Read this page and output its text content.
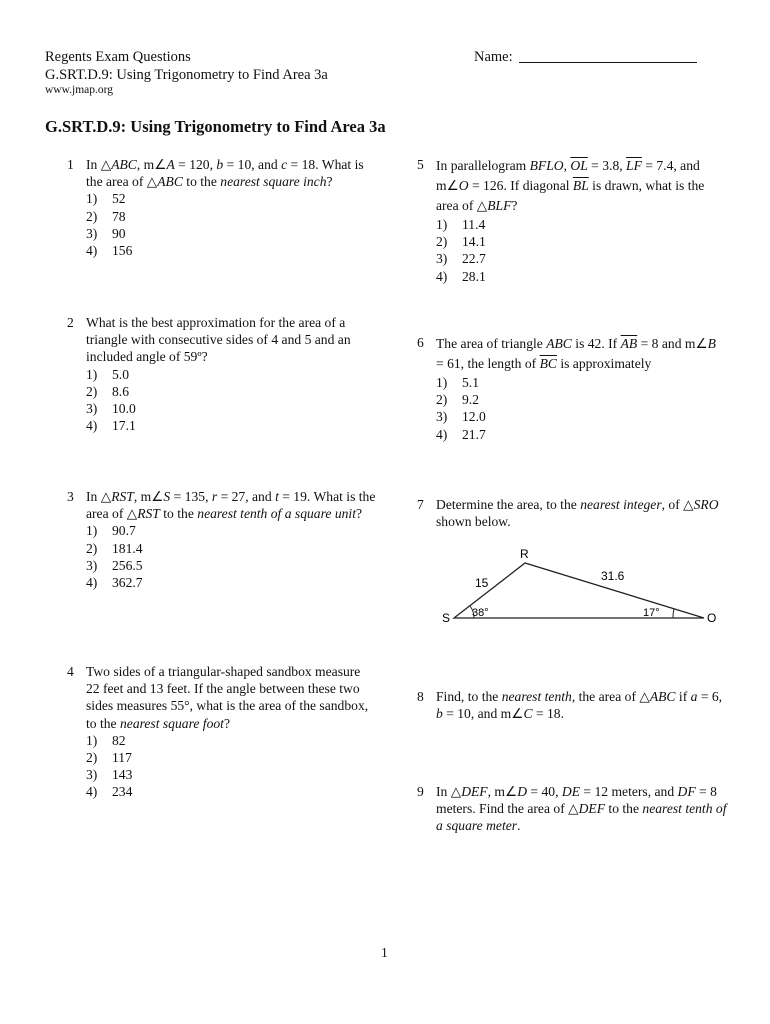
Regents Exam Questions
G.SRT.D.9: Using Trigonometry to Find Area 3a
www.jmap.org
Name:
G.SRT.D.9: Using Trigonometry to Find Area 3a
1 In △ABC, m∠A = 120, b = 10, and c = 18. What is the area of △ABC to the nearest square inch?
1)	52
2)	78
3)	90
4)	156
2 What is the best approximation for the area of a triangle with consecutive sides of 4 and 5 and an included angle of 59º?
1)	5.0
2)	8.6
3)	10.0
4)	17.1
3 In △RST, m∠S = 135, r = 27, and t = 19. What is the area of △RST to the nearest tenth of a square unit?
1)	90.7
2)	181.4
3)	256.5
4)	362.7
4 Two sides of a triangular-shaped sandbox measure 22 feet and 13 feet. If the angle between these two sides measures 55°, what is the area of the sandbox, to the nearest square foot?
1)	82
2)	117
3)	143
4)	234
5 In parallelogram BFLO, $\overline{OL} = 3.8$, $\overline{LF} = 7.4$, and m∠O = 126. If diagonal $\overline{BL}$ is drawn, what is the area of △BLF?
1)	11.4
2)	14.1
3)	22.7
4)	28.1
6 The area of triangle ABC is 42. If $\overline{AB} = 8$ and m∠B = 61, the length of $\overline{BC}$ is approximately
1)	5.1
2)	9.2
3)	12.0
4)	21.7
7 Determine the area, to the nearest integer, of △SRO shown below.
R
S	O
15	31.6
38°	17°
8 Find, to the nearest tenth, the area of △ABC if a = 6, b = 10, and m∠C = 18.
9 In △DEF, m∠D = 40, DE = 12 meters, and DF = 8 meters. Find the area of △DEF to the nearest tenth of a square meter.
1
